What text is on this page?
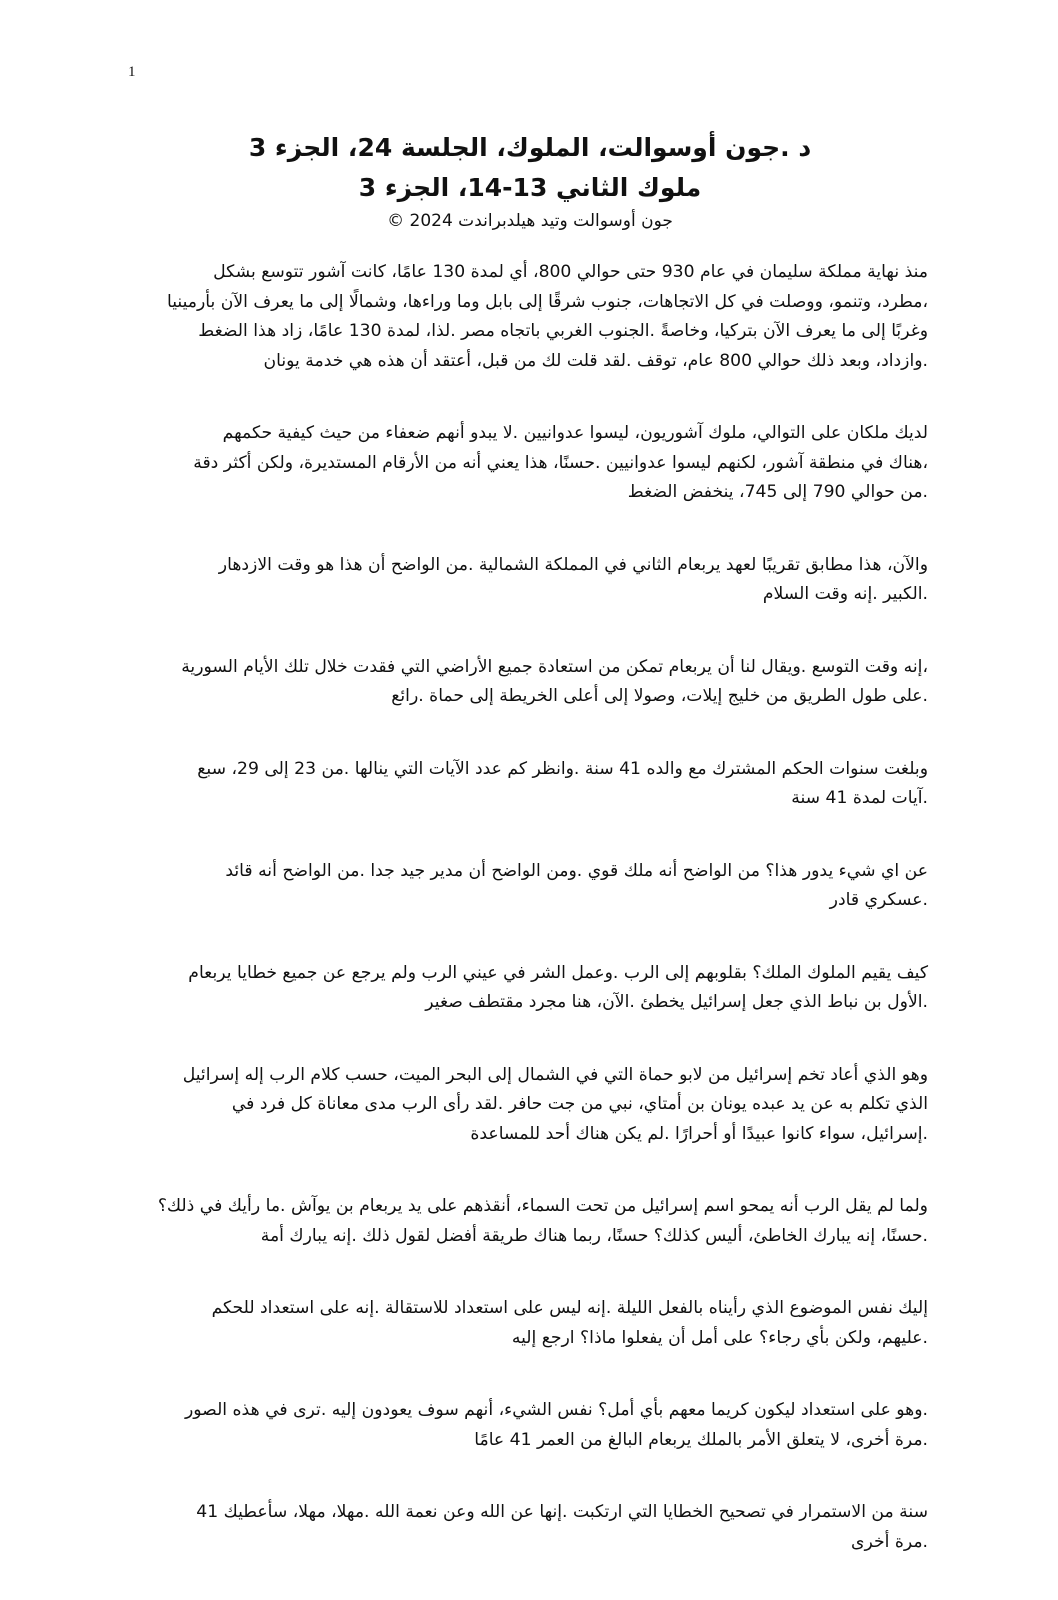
1
د .جون أوسوالت، الملوك، الجلسة 24، الجزء 3
ملوك الثاني 13-14، الجزء 3
جون أوسوالت وتيد هيلدبراندت 2024 ©
منذ نهاية مملكة سليمان في عام 930 حتى حوالي 800، أي لمدة 130 عامًا، كانت آشور تتوسع بشكل
،مطرد، وتنمو، ووصلت في كل الاتجاهات، جنوب شرقًا إلى بابل وما وراءها، وشمالًا إلى ما يعرف الآن بأرمينيا
وغربًا إلى ما يعرف الآن بتركيا، وخاصةً .الجنوب الغربي باتجاه مصر .لذا، لمدة 130 عامًا، زاد هذا الضغط
.وازداد، وبعد ذلك حوالي 800 عام، توقف .لقد قلت لك من قبل، أعتقد أن هذه هي خدمة يونان
لديك ملكان على التوالي، ملوك آشوريون، ليسوا عدوانيين .لا يبدو أنهم ضعفاء من حيث كيفية حكمهم
،هناك في منطقة آشور، لكنهم ليسوا عدوانيين .حسنًا، هذا يعني أنه من الأرقام المستديرة، ولكن أكثر دقة
.من حوالي 790 إلى 745، ينخفض الضغط
والآن، هذا مطابق تقريبًا لعهد يربعام الثاني في المملكة الشمالية .من الواضح أن هذا هو وقت الازدهار
.الكبير .إنه وقت السلام
،إنه وقت التوسع .ويقال لنا أن يربعام تمكن من استعادة جميع الأراضي التي فقدت خلال تلك الأيام السورية
.على طول الطريق من خليج إيلات، وصولا إلى أعلى الخريطة إلى حماة .رائع
وبلغت سنوات الحكم المشترك مع والده 41 سنة .وانظر كم عدد الآيات التي ينالها .من 23 إلى 29، سبع
.آيات لمدة 41 سنة
عن اي شيء يدور هذا؟ من الواضح أنه ملك قوي .ومن الواضح أن مدير جيد جدا .من الواضح أنه قائد
.عسكري قادر
كيف يقيم الملوك الملك؟ بقلوبهم إلى الرب .وعمل الشر في عيني الرب ولم يرجع عن جميع خطايا يربعام
.الأول بن نباط الذي جعل إسرائيل يخطئ .الآن، هنا مجرد مقتطف صغير
وهو الذي أعاد تخم إسرائيل من لابو حماة التي في الشمال إلى البحر الميت، حسب كلام الرب إله إسرائيل
الذي تكلم به عن يد عبده يونان بن أمتاي، نبي من جت حافر .لقد رأى الرب مدى معاناة كل فرد في
.إسرائيل، سواء كانوا عبيدًا أو أحرارًا .لم يكن هناك أحد للمساعدة
ولما لم يقل الرب أنه يمحو اسم إسرائيل من تحت السماء، أنقذهم على يد يربعام بن يوآش .ما رأيك في ذلك؟
.حسنًا، إنه يبارك الخاطئ، أليس كذلك؟ حسنًا، ربما هناك طريقة أفضل لقول ذلك .إنه يبارك أمة
إليك نفس الموضوع الذي رأيناه بالفعل الليلة .إنه ليس على استعداد للاستقالة .إنه على استعداد للحكم
.عليهم، ولكن بأي رجاء؟ على أمل أن يفعلوا ماذا؟ ارجع إليه
.وهو على استعداد ليكون كريما معهم بأي أمل؟ نفس الشيء، أنهم سوف يعودون إليه .ترى في هذه الصور
.مرة أخرى، لا يتعلق الأمر بالملك يربعام البالغ من العمر 41 عامًا
سنة من الاستمرار في تصحيح الخطايا التي ارتكبت .إنها عن الله وعن نعمة الله .مهلا، مهلا، سأعطيك 41
.مرة أخرى
